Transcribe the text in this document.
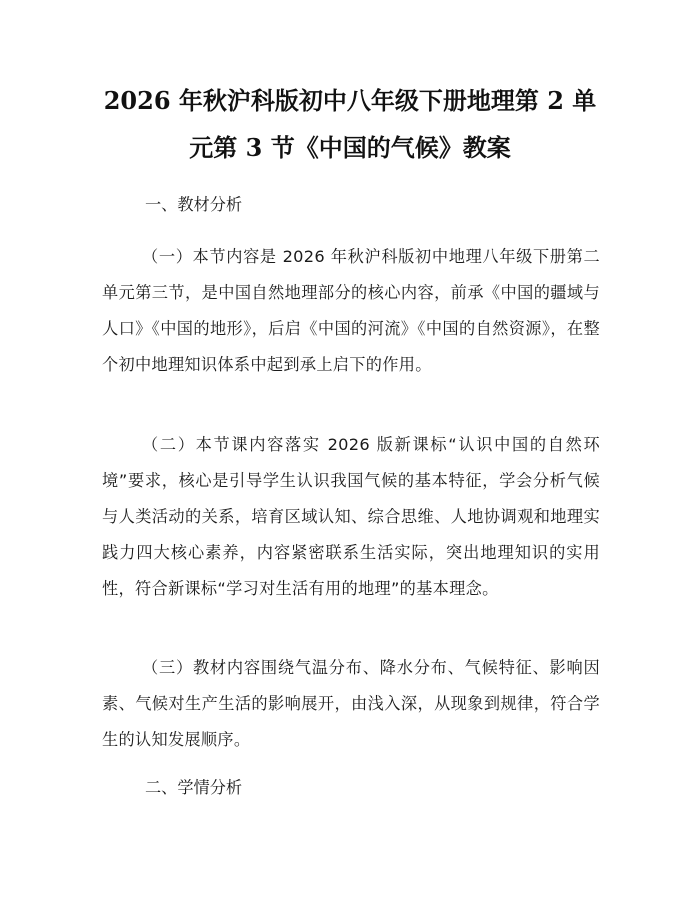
2026 年秋沪科版初中八年级下册地理第 2 单
元第 3 节《中国的气候》教案
一、教材分析

（一）本节内容是 2026 年秋沪科版初中地理八年级下册第二单元第三节，是中国自然地理部分的核心内容，前承《中国的疆域与人口》《中国的地形》，后启《中国的河流》《中国的自然资源》，在整个初中地理知识体系中起到承上启下的作用。

（二）本节课内容落实 2026 版新课标“认识中国的自然环境”要求，核心是引导学生认识我国气候的基本特征，学会分析气候与人类活动的关系，培育区域认知、综合思维、人地协调观和地理实践力四大核心素养，内容紧密联系生活实际，突出地理知识的实用性，符合新课标“学习对生活有用的地理”的基本理念。

（三）教材内容围绕气温分布、降水分布、气候特征、影响因素、气候对生产生活的影响展开，由浅入深，从现象到规律，符合学生的认知发展顺序。

二、学情分析
